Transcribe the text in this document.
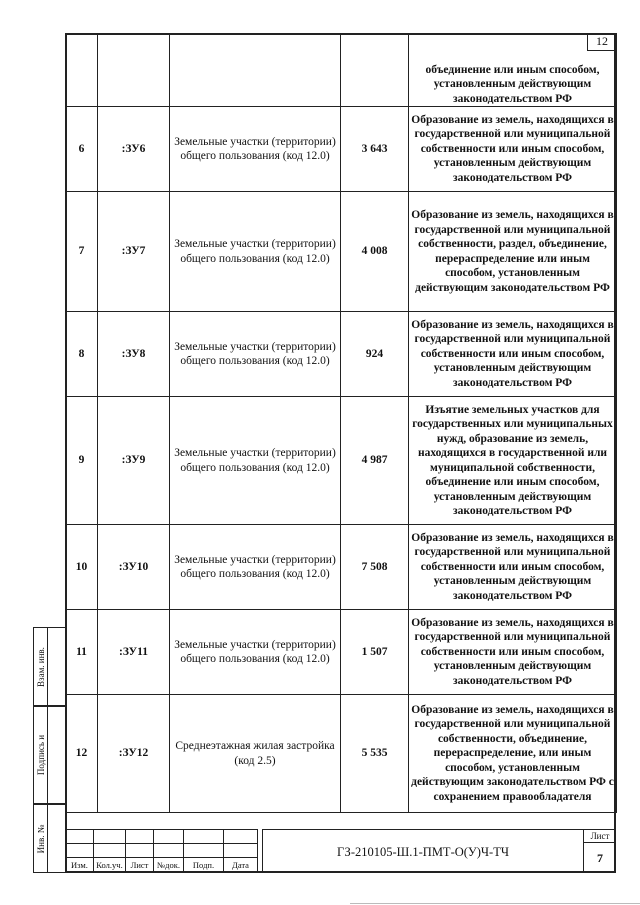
				объединение или иным способом, установленным действующим законодательством РФ
6	:ЗУ6	Земельные участки (территории) общего пользования (код 12.0)	3 643	Образование из земель, находящихся в государственной или муниципальной собственности или иным способом, установленным действующим законодательством РФ
7	:ЗУ7	Земельные участки (территории) общего пользования (код 12.0)	4 008	Образование из земель, находящихся в государственной или муниципальной собственности, раздел, объединение, перераспределение или иным способом, установленным действующим законодательством РФ
8	:ЗУ8	Земельные участки (территории) общего пользования (код 12.0)	924	Образование из земель, находящихся в государственной или муниципальной собственности или иным способом, установленным действующим законодательством РФ
9	:ЗУ9	Земельные участки (территории) общего пользования (код 12.0)	4 987	Изъятие земельных участков для государственных или муниципальных нужд, образование из земель, находящихся в государственной или муниципальной собственности, объединение или иным способом, установленным действующим законодательством РФ
10	:ЗУ10	Земельные участки (территории) общего пользования (код 12.0)	7 508	Образование из земель, находящихся в государственной или муниципальной собственности или иным способом, установленным действующим законодательством РФ
11	:ЗУ11	Земельные участки (территории) общего пользования (код 12.0)	1 507	Образование из земель, находящихся в государственной или муниципальной собственности или иным способом, установленным действующим законодательством РФ
12	:ЗУ12	Среднеэтажная жилая застройка (код 2.5)	5 535	Образование из земель, находящихся в государственной или муниципальной собственности, объединение, перераспределение, или иным способом, установленным действующим законодательством РФ с сохранением правообладателя
12
Взам. инв.
Подпись и
Инв. №

Изм.	Кол.уч.	Лист	№док.	Подп.	Дата
ГЗ-210105-Ш.1-ПМТ-О(У)Ч-ТЧ
Лист
7
